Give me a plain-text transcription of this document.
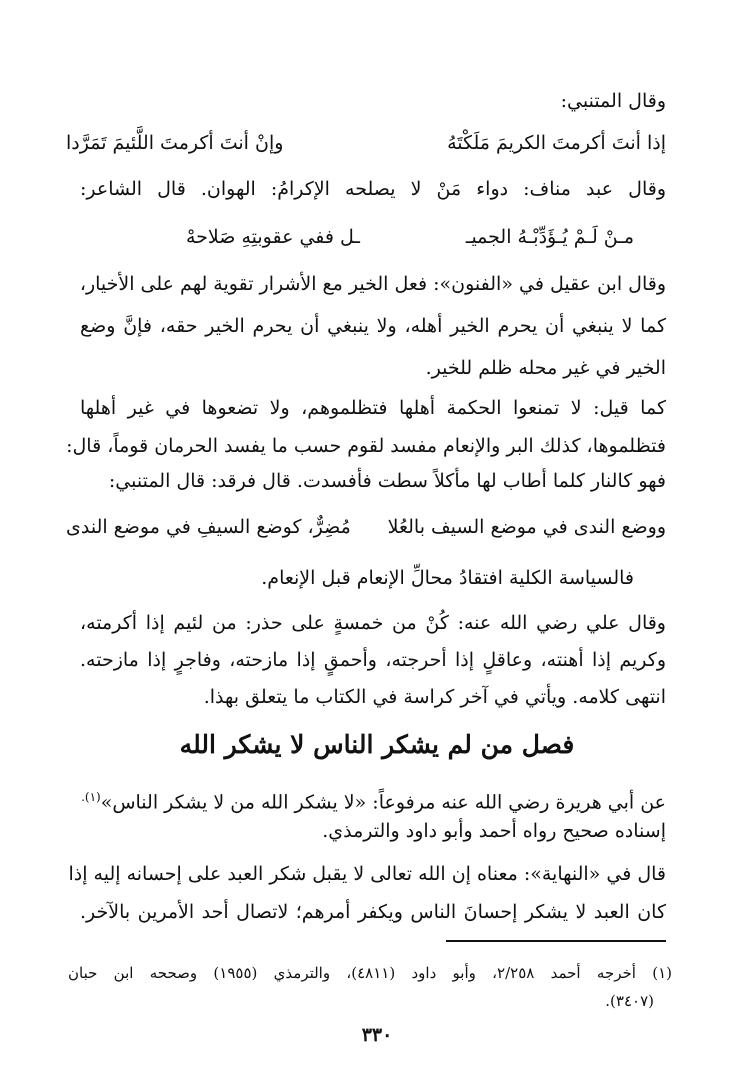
وقال المتنبي:
إذا أنتَ أكرمتَ الكريمَ مَلَكْتَهُ
وإنْ أنتَ أكرمتَ اللَّئيمَ تَمَرَّدا
وقال عبد مناف: دواء مَنْ لا يصلحه الإكرامُ: الهوان. قال الشاعر:
مـنْ لَـمْ يُـؤَدِّبْـهُ الجميـ
ـل ففي عقوبتِهِ صَلاحهْ
وقال ابن عقيل في «الفنون»: فعل الخير مع الأشرار تقوية لهم على الأخيار،
كما لا ينبغي أن يحرم الخير أهله، ولا ينبغي أن يحرم الخير حقه، فإنَّ وضع
الخير في غير محله ظلم للخير.
كما قيل: لا تمنعوا الحكمة أهلها فتظلموهم، ولا تضعوها في غير أهلها
فتظلموها، كذلك البر والإنعام مفسد لقوم حسب ما يفسد الحرمان قوماً، قال:
فهو كالنار كلما أطاب لها مأكلاً سطت فأفسدت. قال فرقد: قال المتنبي:
ووضع الندى في موضع السيف بالعُلا
مُضِرٌّ، كوضع السيفِ في موضع الندى
فالسياسة الكلية افتقادُ محالِّ الإنعام قبل الإنعام.
وقال علي رضي الله عنه: كُنْ من خمسةٍ على حذر: من لئيم إذا أكرمته،
وكريم إذا أهنته، وعاقلٍ إذا أحرجته، وأحمقٍ إذا مازحته، وفاجرٍ إذا مازحته.
انتهى كلامه. ويأتي في آخر كراسة في الكتاب ما يتعلق بهذا.
فصل من لم يشكر الناس لا يشكر الله
عن أبي هريرة رضي الله عنه مرفوعاً: «لا يشكر الله من لا يشكر الناس»$^{(١).}$
إسناده صحيح رواه أحمد وأبو داود والترمذي.
قال في «النهاية»: معناه إن الله تعالى لا يقبل شكر العبد على إحسانه إليه إذا
كان العبد لا يشكر إحسانَ الناس ويكفر أمرهم؛ لاتصال أحد الأمرين بالآخر.
(١) أخرجه أحمد ٢/٢٥٨، وأبو داود (٤٨١١)، والترمذي (١٩٥٥) وصححه ابن حبان
(٣٤٠٧).
٣٣٠
